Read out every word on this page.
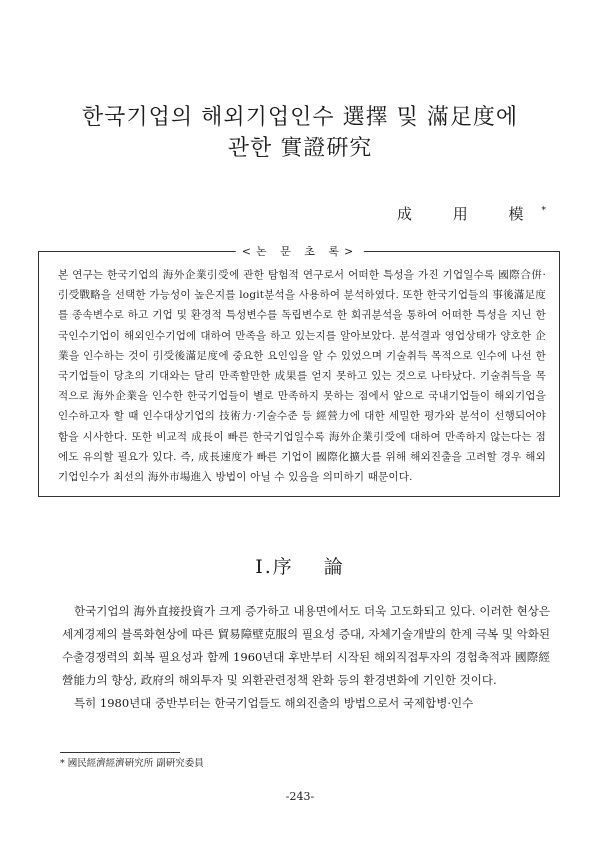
한국기업의 해외기업인수 選擇 및 滿足度에
관한 實證硏究
成 用 模*
<논 문 초 록>

본 연구는 한국기업의 海外企業引受에 관한 탐험적 연구로서 어떠한 특성을 가진 기업일수록 國際合倂·引受戰略을 선택한 가능성이 높은지를 logit분석을 사용하여 분석하였다. 또한 한국기업들의 事後滿足度를 종속변수로 하고 기업 및 환경적 특성변수를 독립변수로 한 회귀분석을 통하여 어떠한 특성을 지닌 한국인수기업이 해외인수기업에 대하여 만족을 하고 있는지를 알아보았다. 분석결과 영업상태가 양호한 企業을 인수하는 것이 引受後滿足度에 중요한 요인임을 알 수 있었으며 기술취득 목적으로 인수에 나선 한국기업들이 당초의 기대와는 달리 만족할만한 成果를 얻지 못하고 있는 것으로 나타났다. 기술취득을 목적으로 海外企業을 인수한 한국기업들이 별로 만족하지 못하는 점에서 앞으로 국내기업들이 해외기업을 인수하고자 할 때 인수대상기업의 技術力·기술수준 등 經營力에 대한 세밀한 평가와 분석이 선행되어야 함을 시사한다. 또한 비교적 成長이 빠른 한국기업일수록 海外企業引受에 대하여 만족하지 않는다는 점에도 유의할 필요가 있다. 즉, 成長速度가 빠른 기업이 國際化擴大를 위해 해외진출을 고려할 경우 해외기업인수가 최선의 海外市場進入 방법이 아닐 수 있음을 의미하기 때문이다.

Ⅰ.序 論

한국기업의 海外直接投資가 크게 증가하고 내용면에서도 더욱 고도화되고 있다. 이러한 현상은 세계경제의 블록화현상에 따른 貿易障壁克服의 필요성 증대, 자체기술개발의 한계 극복 및 악화된 수출경쟁력의 회복 필요성과 함께 1960년대 후반부터 시작된 해외직접투자의 경험축적과 國際經營能力의 향상, 政府의 해외투자 및 외환관련정책 완화 등의 환경변화에 기인한 것이다.

특히 1980년대 중반부터는 한국기업들도 해외진출의 방법으로서 국제합병·인수

* 國民經濟經濟硏究所 副硏究委員

-243-
